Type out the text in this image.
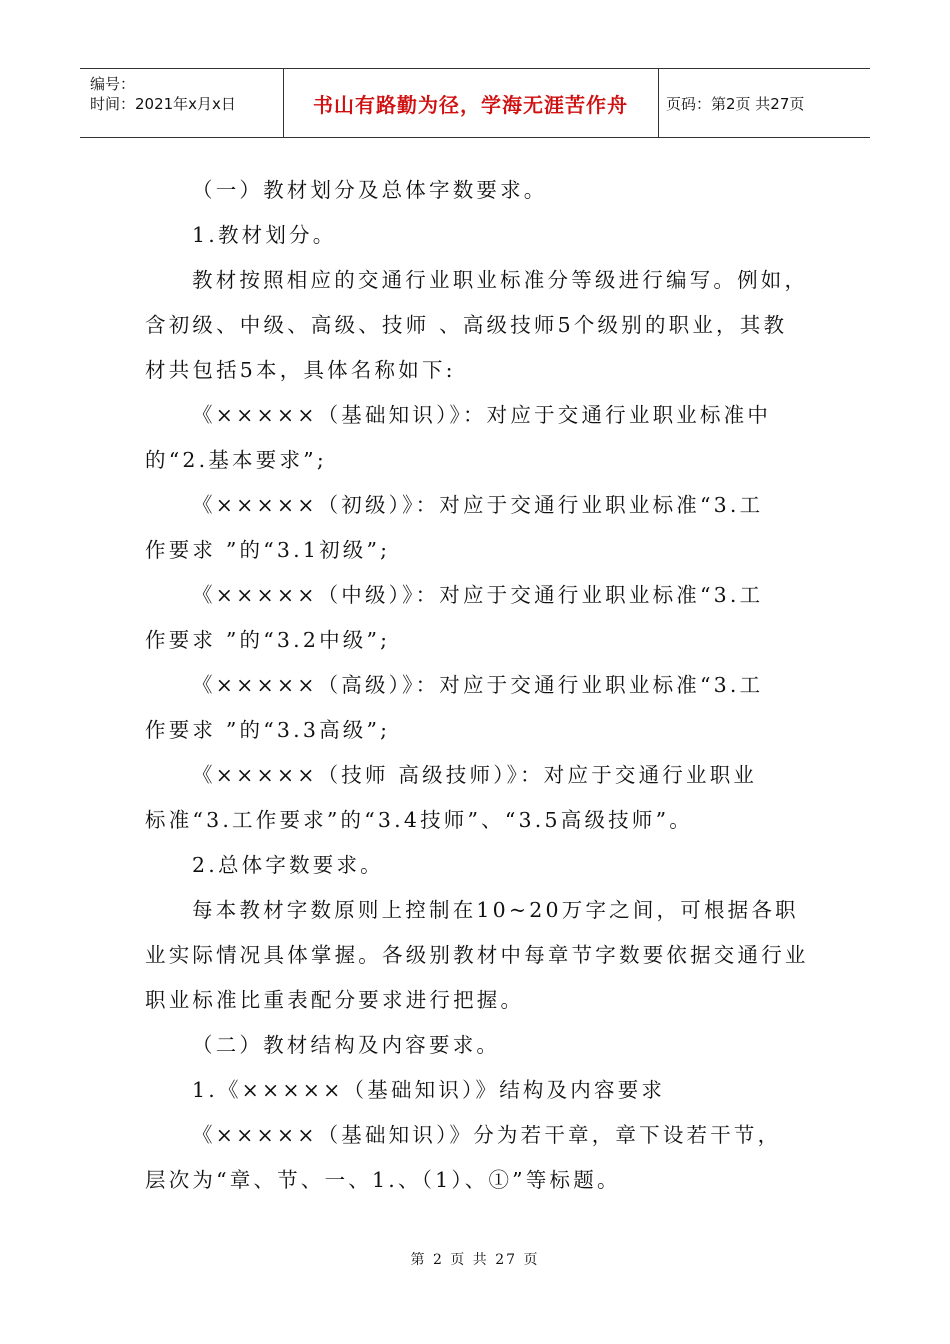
编号：
时间：2021年x月x日	书山有路勤为径，学海无涯苦作舟	页码：第2页 共27页
（一）教材划分及总体字数要求。
1.教材划分。
教材按照相应的交通行业职业标准分等级进行编写。例如，
含初级、中级、高级、技师 、高级技师5个级别的职业，其教
材共包括5本，具体名称如下:
《×××××（基础知识）》：对应于交通行业职业标准中
的“2.基本要求”;
《×××××（初级）》：对应于交通行业职业标准“3.工
作要求 ”的“3.1初级”;
《×××××（中级）》：对应于交通行业职业标准“3.工
作要求 ”的“3.2中级”;
《×××××（高级）》：对应于交通行业职业标准“3.工
作要求 ”的“3.3高级”;
《×××××（技师 高级技师）》：对应于交通行业职业
标准“3.工作要求”的“3.4技师”、“3.5高级技师”。
2.总体字数要求。
每本教材字数原则上控制在10~20万字之间，可根据各职
业实际情况具体掌握。各级别教材中每章节字数要依据交通行业
职业标准比重表配分要求进行把握。
（二）教材结构及内容要求。
1.《×××××（基础知识）》结构及内容要求
《×××××（基础知识）》分为若干章，章下设若干节，
层次为“章、节、一、1.、（1）、①”等标题。
第 2 页 共 27 页
